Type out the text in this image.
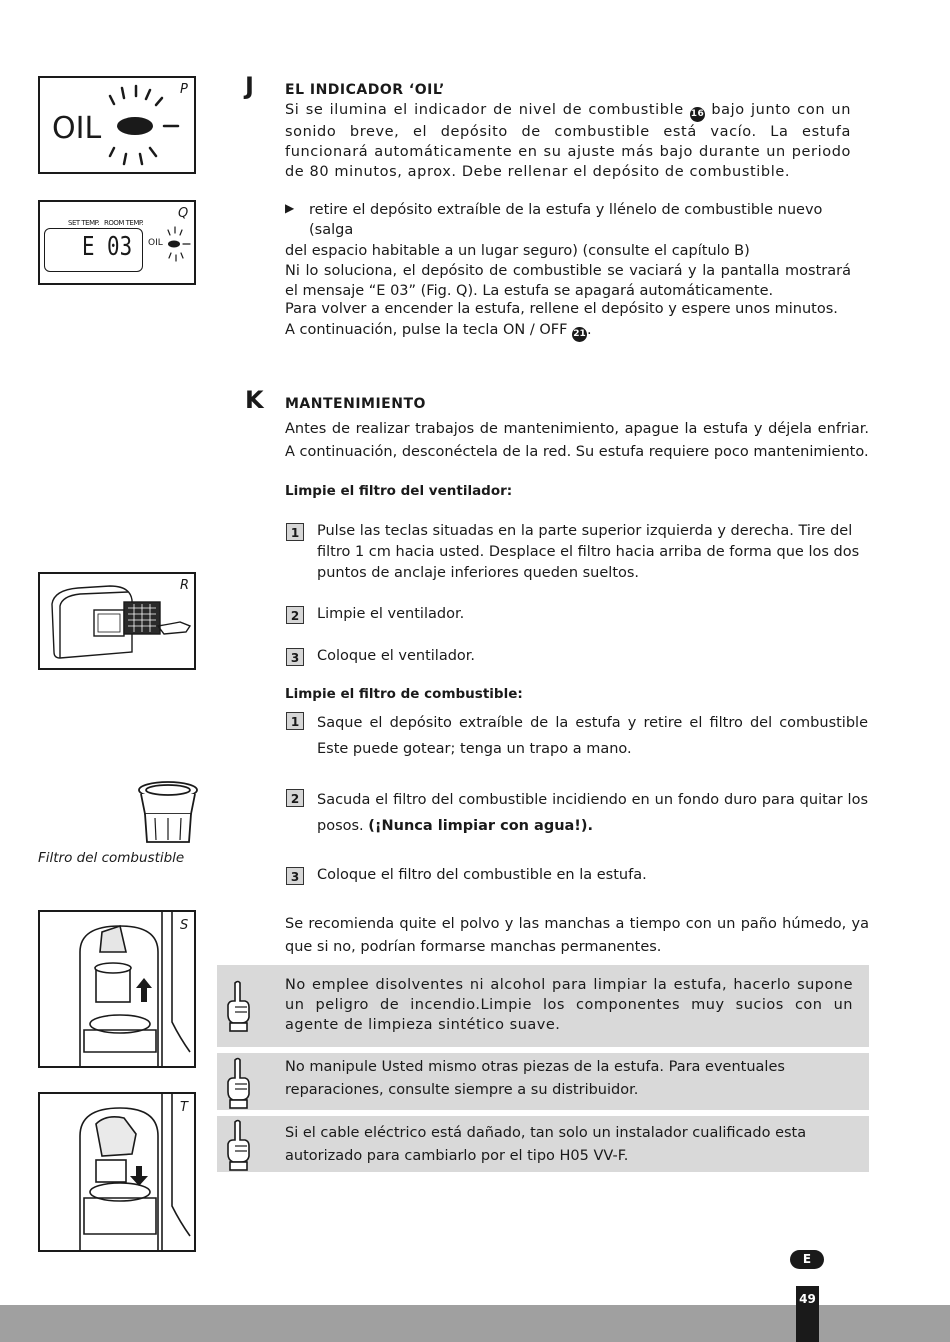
P
OIL
Q
SET TEMP. ROOM TEMP.
E 03 OIL
R
Filtro del combustible
S
T
J EL INDICADOR ‘OIL’
Si se ilumina el indicador de nivel de combustible 16 bajo junto con un sonido breve, el depósito de combustible está vacío. La estufa funcionará automáticamente en su ajuste más bajo durante un periodo de 80 minutos, aprox. Debe rellenar el depósito de combustible.
▶	retire el depósito extraíble de la estufa y llénelo de combustible nuevo (salga
del espacio habitable a un lugar seguro) (consulte el capítulo B)
Ni lo soluciona, el depósito de combustible se vaciará y la pantalla mostrará el mensaje “E 03” (Fig. Q). La estufa se apagará automáticamente.
Para volver a encender la estufa, rellene el depósito y espere unos minutos.
A continuación, pulse la tecla ON / OFF 21.
K MANTENIMIENTO
Antes de realizar trabajos de mantenimiento, apague la estufa y déjela enfriar. A continuación, desconéctela de la red. Su estufa requiere poco mantenimiento.
Limpie el filtro del ventilador:
1	Pulse las teclas situadas en la parte superior izquierda y derecha. Tire del filtro 1 cm hacia usted. Desplace el filtro hacia arriba de forma que los dos puntos de anclaje inferiores queden sueltos.
2	Limpie el ventilador.
3	Coloque el ventilador.
Limpie el filtro de combustible:
1	Saque el depósito extraíble de la estufa y retire el filtro del combustible Este puede gotear; tenga un trapo a mano.
2	Sacuda el filtro del combustible incidiendo en un fondo duro para quitar los posos. (¡Nunca limpiar con agua!).
3	Coloque el filtro del combustible en la estufa.
Se recomienda quite el polvo y las manchas a tiempo con un paño húmedo, ya que si no, podrían formarse manchas permanentes.
No emplee disolventes ni alcohol para limpiar la estufa, hacerlo supone un peligro de incendio.Limpie los componentes muy sucios con un agente de limpieza sintético suave.
No manipule Usted mismo otras piezas de la estufa. Para eventuales reparaciones, consulte siempre a su distribuidor.
Si el cable eléctrico está dañado, tan solo un instalador cualificado esta autorizado para cambiarlo por el tipo H05 VV-F.
E
49
